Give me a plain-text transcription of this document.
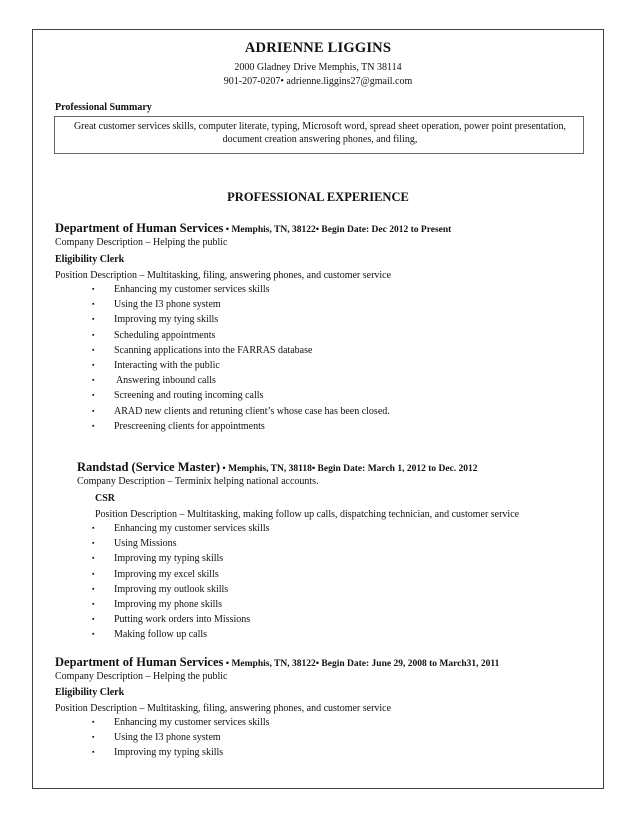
ADRIENNE LIGGINS
2000 Gladney Drive Memphis, TN 38114
901-207-0207• adrienne.liggins27@gmail.com
Professional Summary
Great customer services skills, computer literate, typing, Microsoft word, spread sheet operation, power point presentation,
document creation answering phones, and filing,
PROFESSIONAL EXPERIENCE
Department of Human Services • Memphis, TN, 38122• Begin Date: Dec 2012 to Present
Company Description – Helping the public
Eligibility Clerk
Position Description – Multitasking, filing, answering phones, and customer service
▪ Enhancing my customer services skills
▪ Using the I3 phone system
▪ Improving my tying skills
▪ Scheduling appointments
▪ Scanning applications into the FARRAS database
▪ Interacting with the public
▪ Answering inbound calls
▪ Screening and routing incoming calls
▪ ARAD new clients and retuning client’s whose case has been closed.
▪ Prescreening clients for appointments
Randstad (Service Master) • Memphis, TN, 38118• Begin Date: March 1, 2012 to Dec. 2012
Company Description – Terminix helping national accounts.
CSR
Position Description – Multitasking, making follow up calls, dispatching technician, and customer service
▪ Enhancing my customer services skills
▪ Using Missions
▪ Improving my typing skills
▪ Improving my excel skills
▪ Improving my outlook skills
▪ Improving my phone skills
▪ Putting work orders into Missions
▪ Making follow up calls
Department of Human Services • Memphis, TN, 38122• Begin Date: June 29, 2008 to March31, 2011
Company Description – Helping the public
Eligibility Clerk
Position Description – Multitasking, filing, answering phones, and customer service
▪ Enhancing my customer services skills
▪ Using the I3 phone system
▪ Improving my typing skills
